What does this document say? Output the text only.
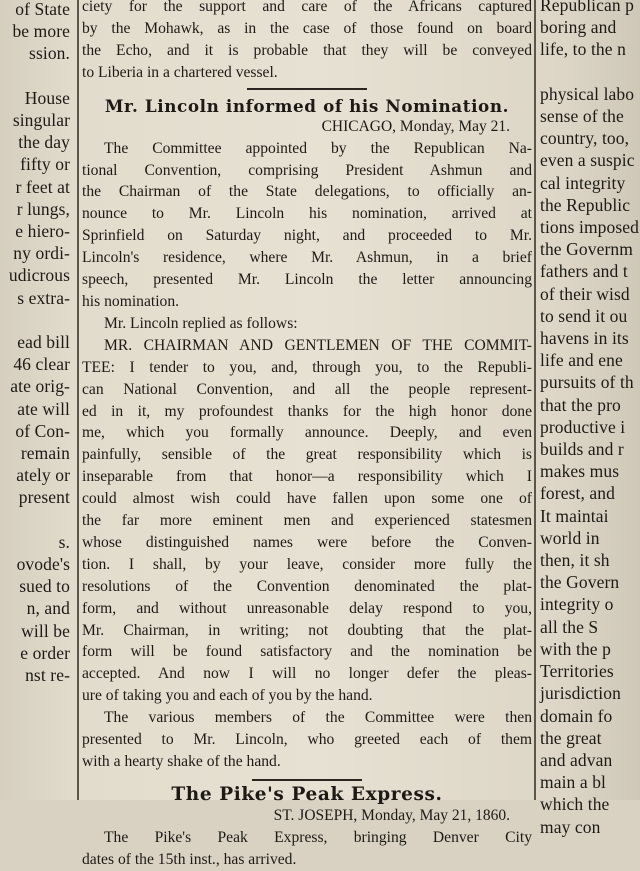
of State
be more
ssion.

House
singular
the day
fifty or
r feet at
r lungs,
e hiero-
ny ordi-
udicrous
s extra-

ead bill
46 clear
ate orig-
ate will
of Con-
remain
ately or
present

s.
ovode's
sued to
n, and
will be
e order
nst re-
ciety for the support and care of the Africans captured
by the Mohawk, as in the case of those found on board
the Echo, and it is probable that they will be conveyed
to Liberia in a chartered vessel.
Mr. Lincoln informed of his Nomination.
CHICAGO, Monday, May 21.
The Committee appointed by the Republican Na-
tional Convention, comprising President Ashmun and
the Chairman of the State delegations, to officially an-
nounce to Mr. Lincoln his nomination, arrived at
Sprinfield on Saturday night, and proceeded to Mr.
Lincoln's residence, where Mr. Ashmun, in a brief
speech, presented Mr. Lincoln the letter announcing
his nomination.
Mr. Lincoln replied as follows:
MR. CHAIRMAN AND GENTLEMEN OF THE COMMIT-
TEE: I tender to you, and, through you, to the Republi-
can National Convention, and all the people represent-
ed in it, my profoundest thanks for the high honor done
me, which you formally announce. Deeply, and even
painfully, sensible of the great responsibility which is
inseparable from that honor—a responsibility which I
could almost wish could have fallen upon some one of
the far more eminent men and experienced statesmen
whose distinguished names were before the Conven-
tion. I shall, by your leave, consider more fully the
resolutions of the Convention denominated the plat-
form, and without unreasonable delay respond to you,
Mr. Chairman, in writing; not doubting that the plat-
form will be found satisfactory and the nomination be
accepted. And now I will no longer defer the pleas-
ure of taking you and each of you by the hand.
The various members of the Committee were then
presented to Mr. Lincoln, who greeted each of them
with a hearty shake of the hand.
The Pike's Peak Express.
ST. JOSEPH, Monday, May 21, 1860.
The Pike's Peak Express, bringing Denver City
dates of the 15th inst., has arrived.
Republican p
boring and
life, to the n

physical labo
sense of the
country, too,
even a suspic
cal integrity
the Republic
tions imposed
the Governm
fathers and t
of their wisd
to send it ou
havens in its
life and ene
pursuits of th
that the pro
productive i
builds and r
makes mus
forest, and
It maintai
world in
then, it sh
the Govern
integrity o
all the S
with the p
Territories
jurisdiction
domain fo
the great
and advan
main a bl
which the
may con
